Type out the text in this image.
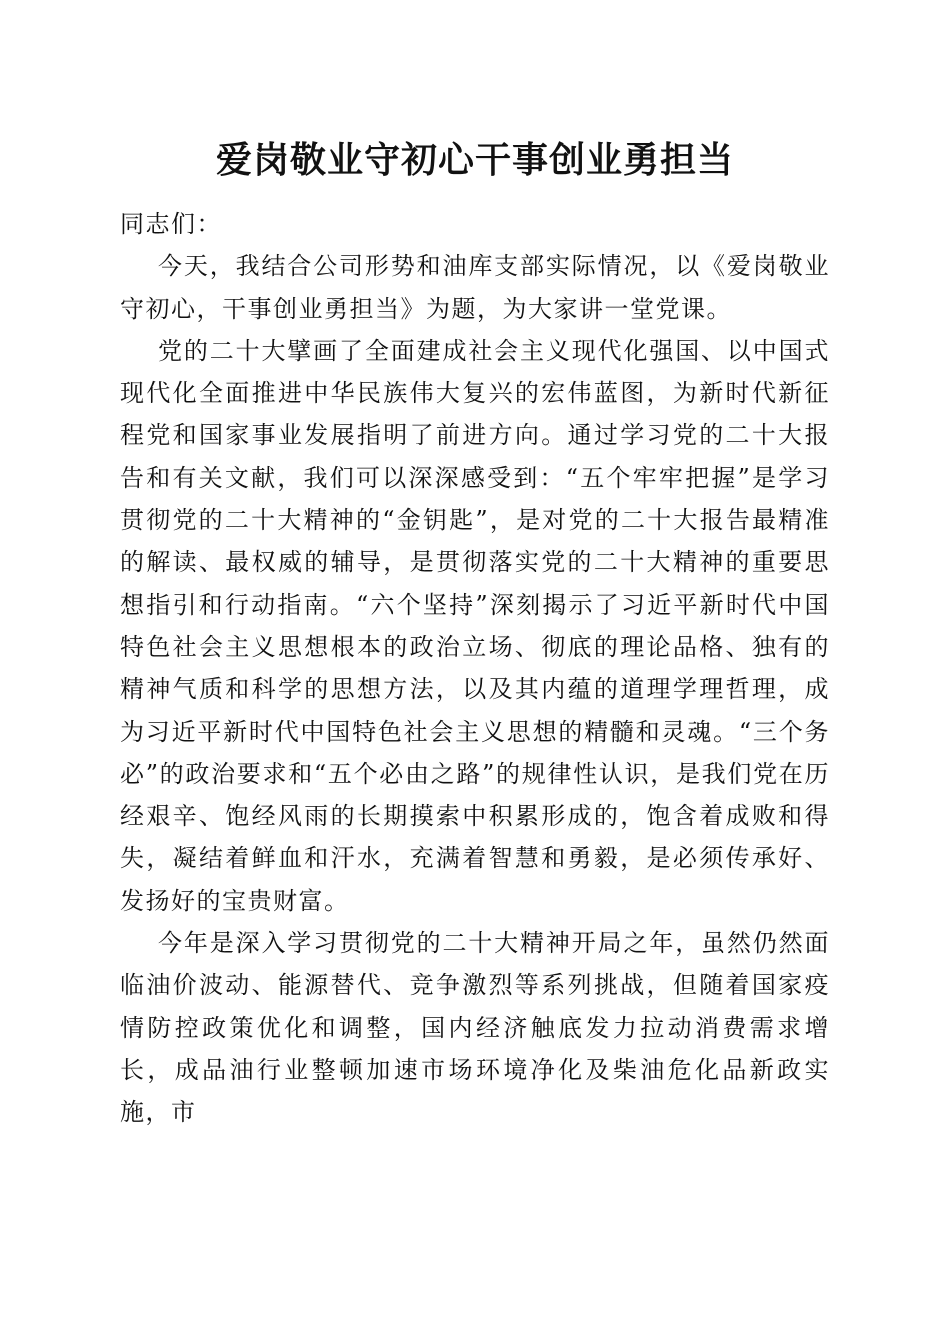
爱岗敬业守初心干事创业勇担当

同志们：

今天，我结合公司形势和油库支部实际情况，以《爱岗敬业守初心，干事创业勇担当》为题，为大家讲一堂党课。

党的二十大擘画了全面建成社会主义现代化强国、以中国式现代化全面推进中华民族伟大复兴的宏伟蓝图，为新时代新征程党和国家事业发展指明了前进方向。通过学习党的二十大报告和有关文献，我们可以深深感受到：“五个牢牢把握”是学习贯彻党的二十大精神的“金钥匙”，是对党的二十大报告最精准的解读、最权威的辅导，是贯彻落实党的二十大精神的重要思想指引和行动指南。“六个坚持”深刻揭示了习近平新时代中国特色社会主义思想根本的政治立场、彻底的理论品格、独有的精神气质和科学的思想方法，以及其内蕴的道理学理哲理，成为习近平新时代中国特色社会主义思想的精髓和灵魂。“三个务必”的政治要求和“五个必由之路”的规律性认识，是我们党在历经艰辛、饱经风雨的长期摸索中积累形成的，饱含着成败和得失，凝结着鲜血和汗水，充满着智慧和勇毅，是必须传承好、发扬好的宝贵财富。

今年是深入学习贯彻党的二十大精神开局之年，虽然仍然面临油价波动、能源替代、竞争激烈等系列挑战，但随着国家疫情防控政策优化和调整，国内经济触底发力拉动消费需求增长，成品油行业整顿加速市场环境净化及柴油危化品新政实施，市
